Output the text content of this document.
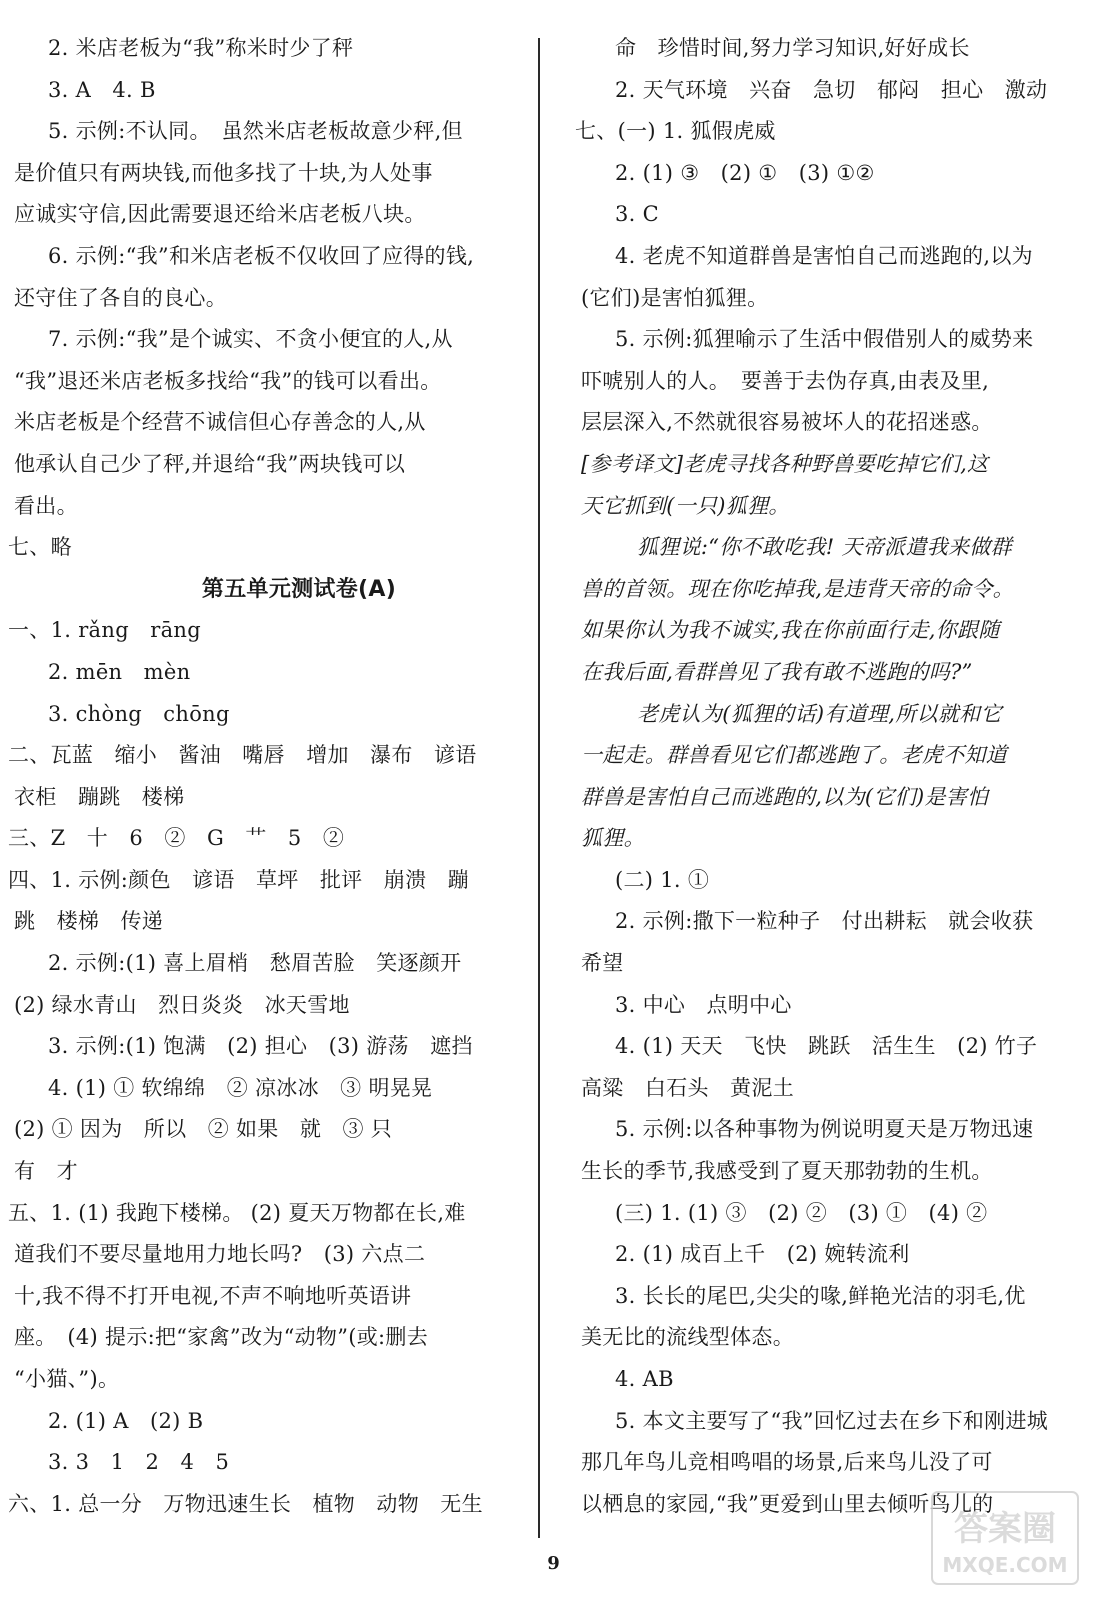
2. 米店老板为“我”称米时少了秤
3. A　4. B
5. 示例:不认同。　虽然米店老板故意少秤,但
是价值只有两块钱,而他多找了十块,为人处事
应诚实守信,因此需要退还给米店老板八块。
6. 示例:“我”和米店老板不仅收回了应得的钱,
还守住了各自的良心。
7. 示例:“我”是个诚实、不贪小便宜的人,从
“我”退还米店老板多找给“我”的钱可以看出。
米店老板是个经营不诚信但心存善念的人,从
他承认自己少了秤,并退给“我”两块钱可以
看出。
七、略
第五单元测试卷(A)
一、1. rǎng　rāng
2. mēn　mèn
3. chòng　chōng
二、瓦蓝　缩小　酱油　嘴唇　增加　瀑布　谚语
衣柜　蹦跳　楼梯
三、Z　十　6　②　G　艹　5　②
四、1. 示例:颜色　谚语　草坪　批评　崩溃　蹦
跳　楼梯　传递
2. 示例:(1) 喜上眉梢　愁眉苦脸　笑逐颜开
(2) 绿水青山　烈日炎炎　冰天雪地
3. 示例:(1) 饱满　(2) 担心　(3) 游荡　遮挡
4. (1) ① 软绵绵　② 凉冰冰　③ 明晃晃
(2) ① 因为　所以　② 如果　就　③ 只
有　才
五、1. (1) 我跑下楼梯。 (2) 夏天万物都在长,难
道我们不要尽量地用力地长吗?　(3) 六点二
十,我不得不打开电视,不声不响地听英语讲
座。　(4) 提示:把“家禽”改为“动物”(或:删去
“小猫、”)。
2. (1) A　(2) B
3. 3　1　2　4　5
六、1. 总一分　万物迅速生长　植物　动物　无生
命　珍惜时间,努力学习知识,好好成长
2. 天气环境　兴奋　急切　郁闷　担心　激动
七、(一) 1. 狐假虎威
2. (1) ③　(2) ①　(3) ①②
3. C
4. 老虎不知道群兽是害怕自己而逃跑的,以为
(它们)是害怕狐狸。
5. 示例:狐狸喻示了生活中假借别人的威势来
吓唬别人的人。　要善于去伪存真,由表及里,
层层深入,不然就很容易被坏人的花招迷惑。
[参考译文]老虎寻找各种野兽要吃掉它们,这
天它抓到(一只)狐狸。
狐狸说:“你不敢吃我! 天帝派遣我来做群
兽的首领。现在你吃掉我,是违背天帝的命令。
如果你认为我不诚实,我在你前面行走,你跟随
在我后面,看群兽见了我有敢不逃跑的吗?”
老虎认为(狐狸的话)有道理,所以就和它
一起走。群兽看见它们都逃跑了。老虎不知道
群兽是害怕自己而逃跑的,以为(它们)是害怕
狐狸。
(二) 1. ①
2. 示例:撒下一粒种子　付出耕耘　就会收获
希望
3. 中心　点明中心
4. (1) 天天　飞快　跳跃　活生生　(2) 竹子
高粱　白石头　黄泥土
5. 示例:以各种事物为例说明夏天是万物迅速
生长的季节,我感受到了夏天那勃勃的生机。
(三) 1. (1) ③　(2) ②　(3) ①　(4) ②
2. (1) 成百上千　(2) 婉转流利
3. 长长的尾巴,尖尖的喙,鲜艳光洁的羽毛,优
美无比的流线型体态。
4. AB
5. 本文主要写了“我”回忆过去在乡下和刚进城
那几年鸟儿竞相鸣唱的场景,后来鸟儿没了可
以栖息的家园,“我”更爱到山里去倾听鸟儿的
9
答案圈
MXQE.COM
